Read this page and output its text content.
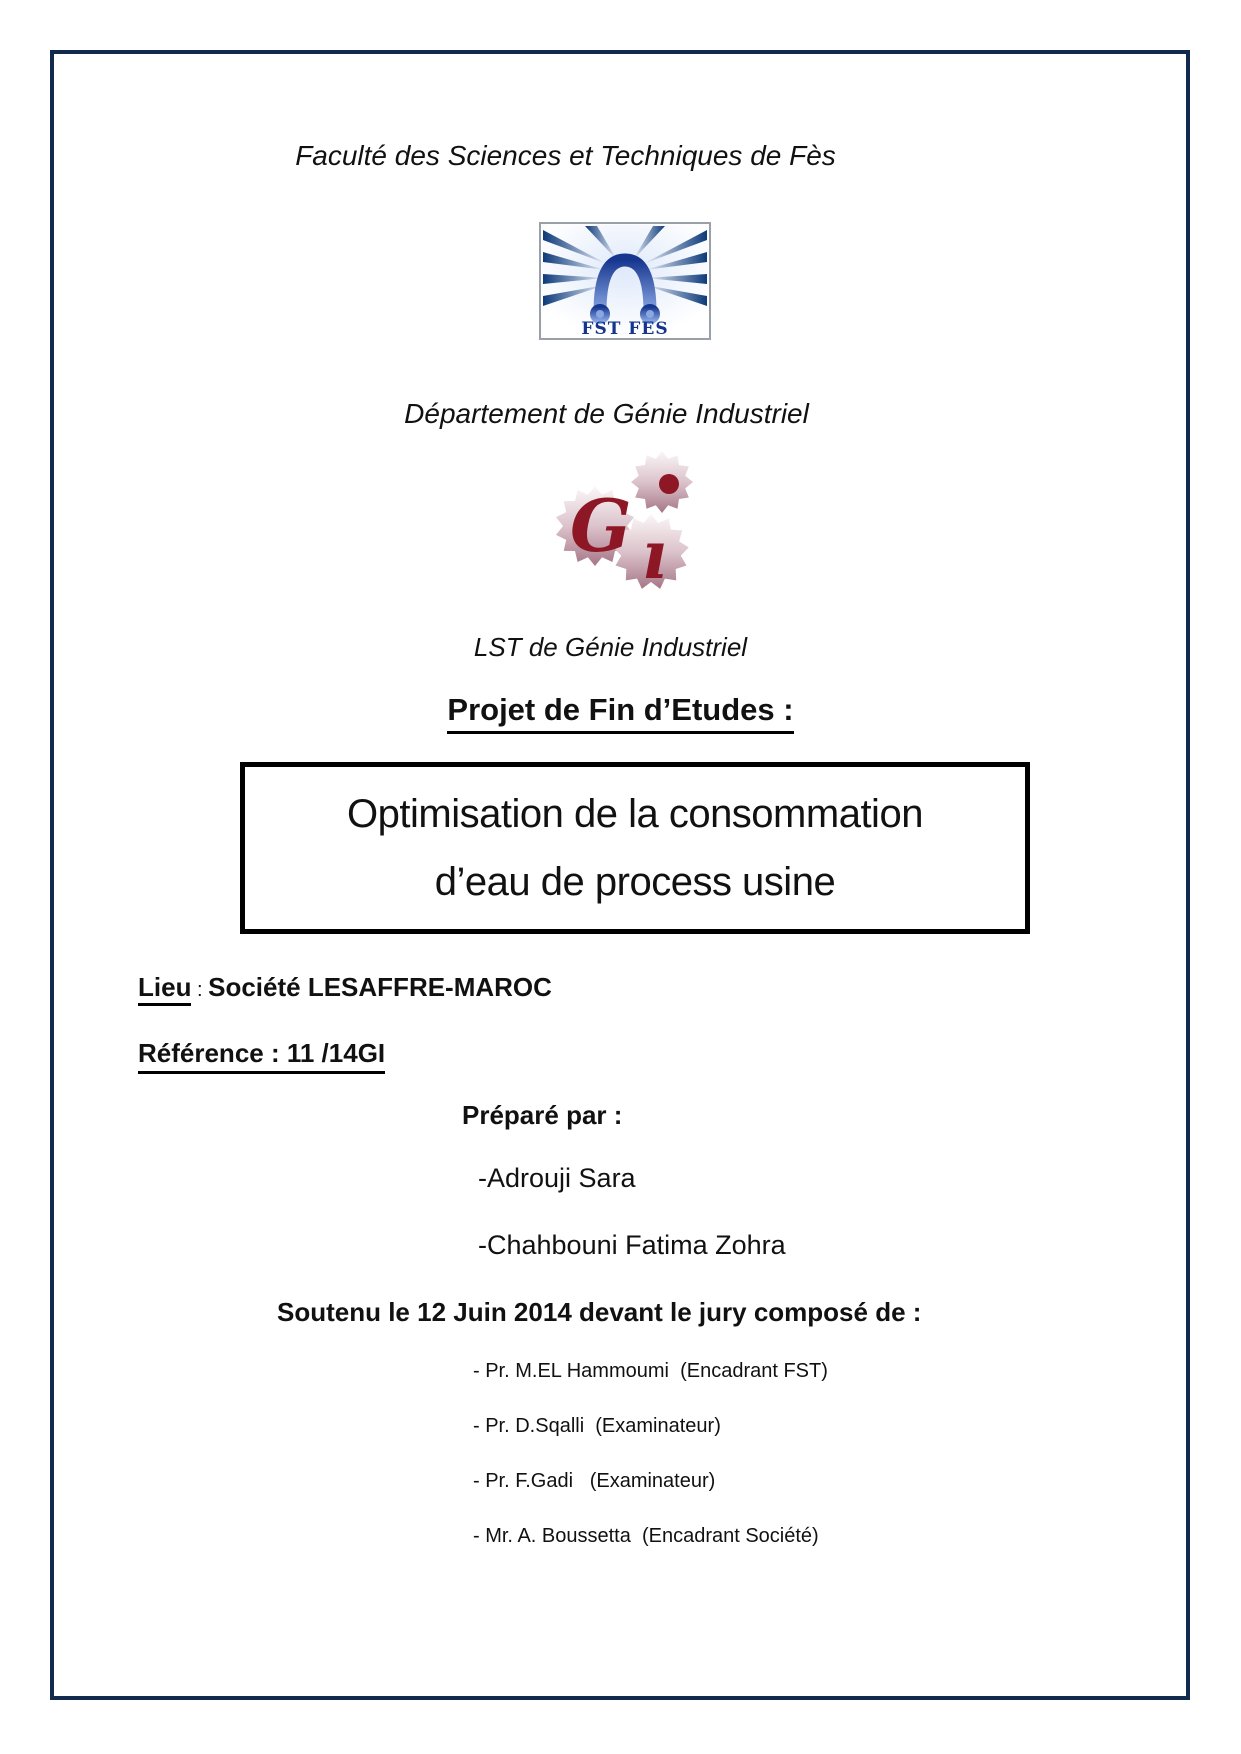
Faculté des Sciences et Techniques de Fès
FST FES
Département de Génie Industriel
G ı
LST de Génie Industriel
Projet de Fin d’Etudes :
Optimisation de la consommation
d’eau de process usine
Lieu : Société LESAFFRE-MAROC
Référence : 11 /14GI
Préparé par :
-Adrouji Sara
-Chahbouni Fatima Zohra
Soutenu le 12 Juin 2014 devant le jury composé de :
- Pr. M.EL Hammoumi  (Encadrant FST)
- Pr. D.Sqalli  (Examinateur)
- Pr. F.Gadi   (Examinateur)
- Mr. A. Boussetta  (Encadrant Société)
